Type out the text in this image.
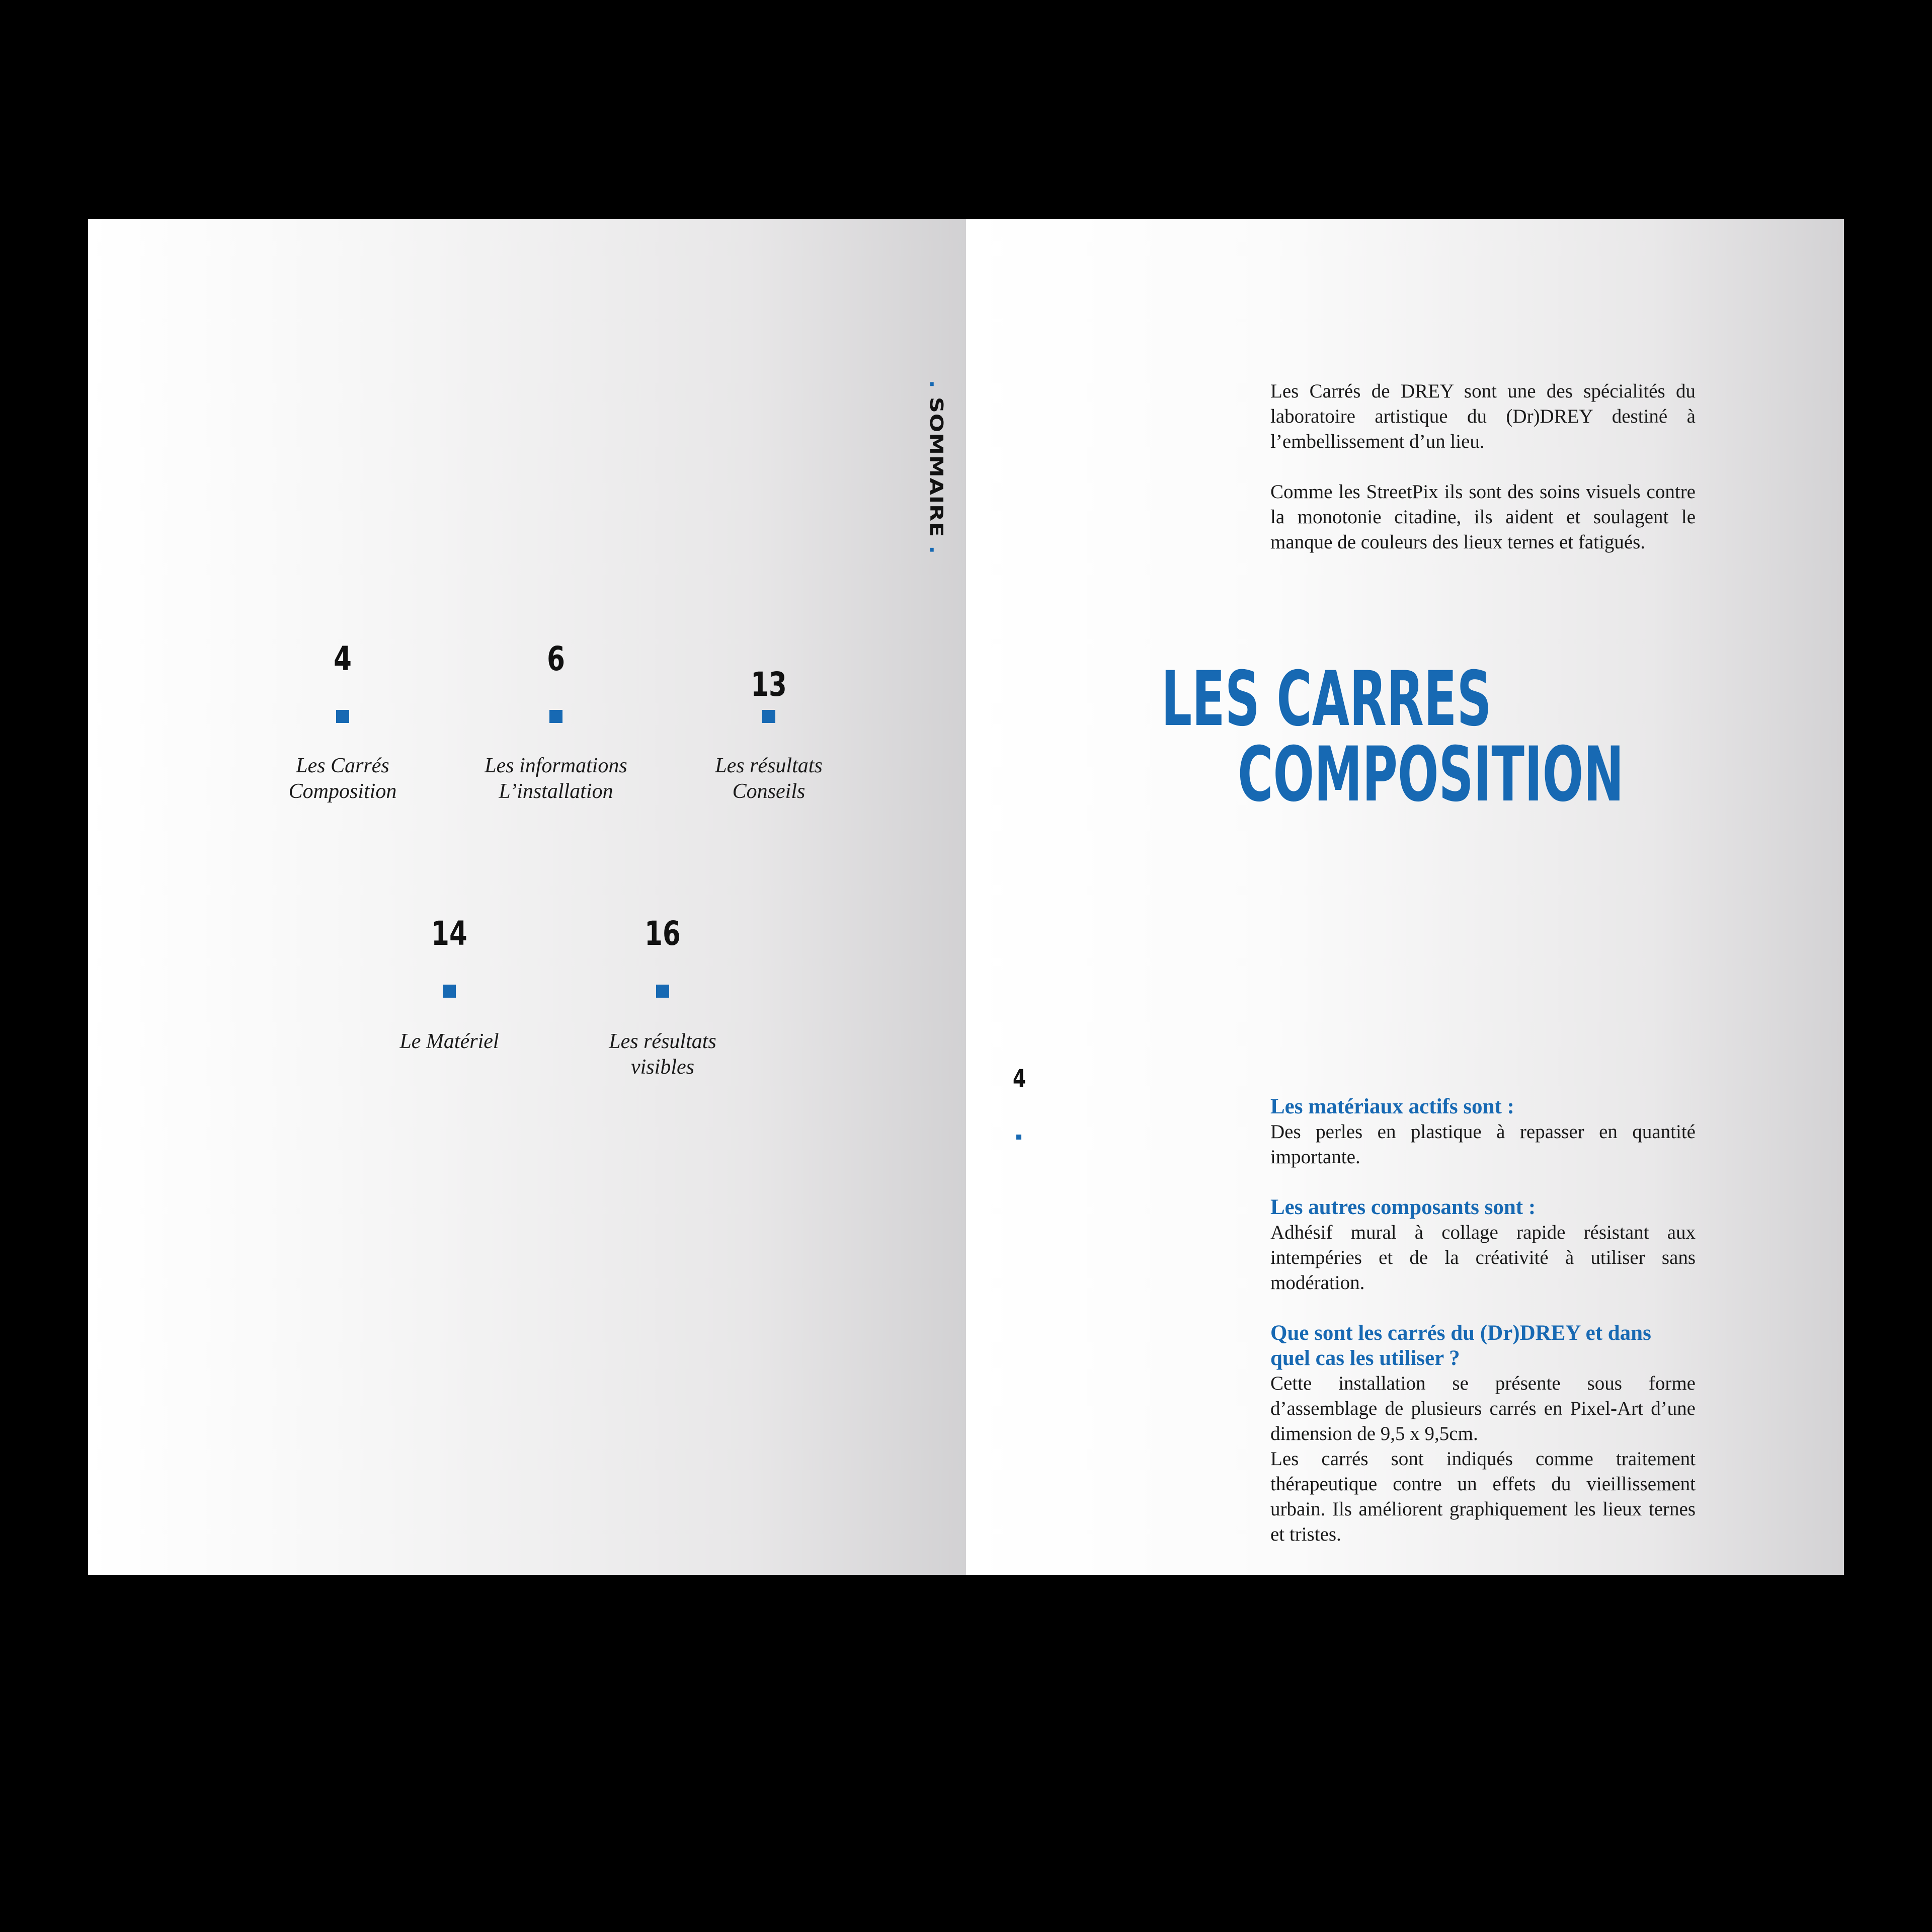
. SOMMAIRE .
4
Les Carrés
Composition
6
Les informations
L’installation
13
Les résultats
Conseils
14
Le Matériel
16
Les résultats
visibles

Les Carrés de DREY sont une des spécialités du laboratoire artistique du (Dr)DREY destiné à l’embellissement d’un lieu.

Comme les StreetPix ils sont des soins visuels contre la monotonie citadine, ils aident et soulagent le manque de couleurs des lieux ternes et fatigués.

LES CARRES
COMPOSITION
4
Les matériaux actifs sont :
Des perles en plastique à repasser en quantité importante.
Les autres composants sont :
Adhésif mural à collage rapide résistant aux intempéries et de la créativité à utiliser sans modération.
Que sont les carrés du (Dr)DREY et dans quel cas les utiliser ?
Cette installation se présente sous forme d’assemblage de plusieurs carrés en Pixel-Art d’une dimension de 9,5 x 9,5cm.
Les carrés sont indiqués comme traitement thérapeutique contre un effets du vieillissement urbain. Ils améliorent graphiquement les lieux ternes et tristes.
